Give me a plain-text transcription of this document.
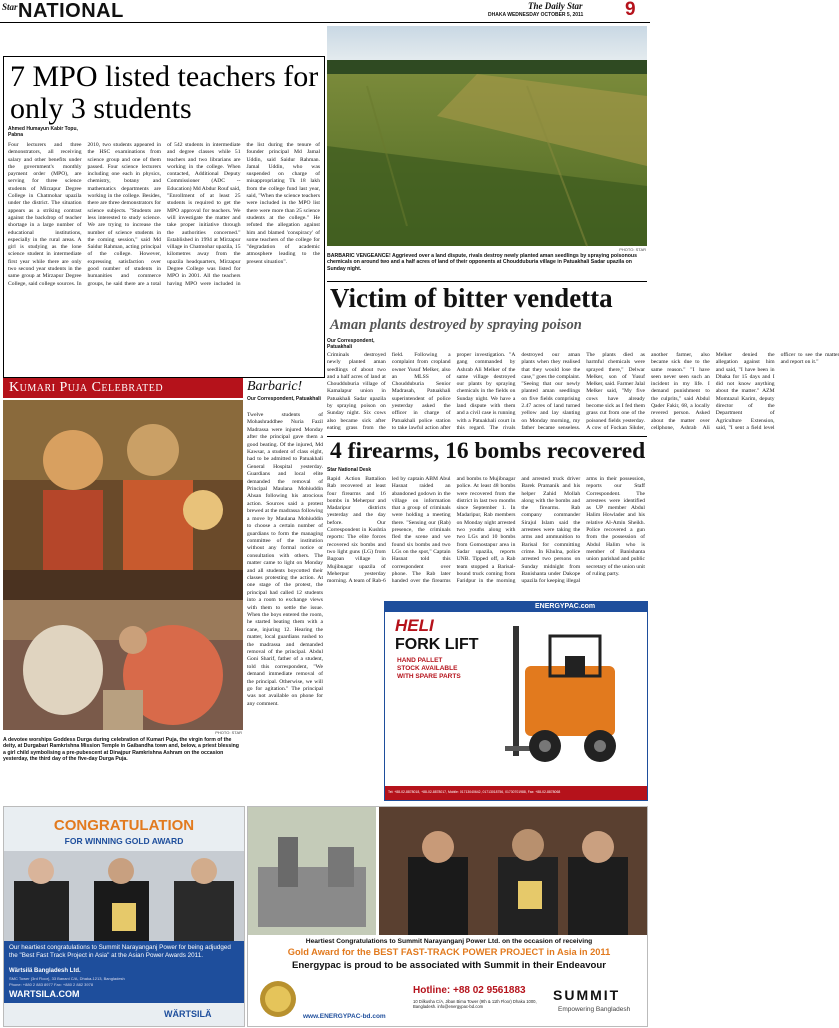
Star NATIONAL	The Daily Star
DHAKA WEDNESDAY OCTOBER 5, 2011 9
7 MPO listed teachers for only 3 students
Ahmed Humayun Kabir Topu, Pabna
Four lecturers and three demonstrators, all receiving salary and other benefits under the government's monthly payment order (MPO), are serving for three science students of Mirzapur Degree College in Chatmohar upazila under the district. The situation appears as a striking contrast against the backdrop of teacher shortage in a large number of educational institutions, especially in the rural areas. A girl is studying as the lone science student in intermediate first year while there are only two second year students in the same group at Mirzapur Degree College, said college sources. In 2010, two students appeared in the HSC examinations from science group and one of them passed. Four science lecturers including one each in physics, chemistry, botany and mathematics departments are working in the college. Besides, there are three demonstrators for science subjects. "Students are less interested to study science. We are trying to increase the number of science students in the coming session," said Md Saidur Rahman, acting principal of the college. However, expressing satisfaction over good number of students in humanities and commerce groups, he said there are a total of 542 students in intermediate and degree classes while 51 teachers and two librarians are working in the college. When contacted, Additional Deputy Commissioner (ADC -- Education) Md Abdur Rouf said, "Enrollment of at least 25 students is required to get the MPO approval for teachers. We will investigate the matter and take proper initiative through the authorities concerned." Established in 1994 at Mirzapur village in Chatmohar upazila, 15 kilometres away from the upazila headquarters, Mirzapur Degree College was listed for MPO in 2001. All the teachers having MPO were included in the list during the tenure of founder principal Md Jamal Uddin, said Saidur Rahman. Jamal Uddin, who was suspended on charge of misappropriating Tk 18 lakh from the college fund last year, said, "When the science teachers were included in the MPO list there were more than 25 science students at the college." He refuted the allegation against him and blamed 'conspiracy' of some teachers of the college for "degradation of academic atmosphere leading to the present situation".
PHOTO: STAR
BARBARIC VENGEANCE! Aggrieved over a land dispute, rivals destroy newly planted aman seedlings by spraying poisonous chemicals on around two and a half acres of land of their opponents at Choudduburia village in Patuakhali Sadar upazila on Sunday night.
Victim of bitter vendetta
Aman plants destroyed by spraying poison
Our Correspondent, Patuakhali
Criminals destroyed newly planted aman seedlings of about two and a half acres of land at Choudduburia village of Kamalapur union in Patuakhali Sadar upazila by spraying poison on Sunday night. Six cows also became sick after eating grass from the field. Following a complaint from cropland owner Yusuf Melker, also an MLSS of Choudduburia Senior Madrasah, Patuakhali superintendent of police yesterday asked the officer in charge of Patuakhali police station to take lawful action after proper investigation. "A gang commanded by Ashrab Ali Melker of the same village destroyed our plants by spraying chemicals in the fields on Sunday night. We have a land dispute with them and a civil case is running with a Patuakhali court in this regard. The rivals destroyed our aman plants when they realised that they would lose the case," goes the complaint. "Seeing that our newly planted aman seedlings on five fields comprising 2.47 acres of land turned yellow and lay slanting on Monday morning, my father became senseless. The plants died as harmful chemicals were sprayed there," Delwar Melker, son of Yusuf Melker, said. Farmer Jalal Melker said, "My five cows have already become sick as I fed them grass cut from one of the poisoned fields yesterday. A cow of Fockan Sikder, another farmer, also became sick due to the same reason." "I have seen never seen such an incident in my life. I demand punishment to the culprits," said Abdul Qader Fakir, 68, a locally revered person. Asked about the matter over cellphone, Ashrab Ali Melker denied the allegation against him and said, "I have been in Dhaka for 15 days and I did not know anything about the matter." AZM Momtazul Karim, deputy director of the Department of Agriculture Extension, said, "I sent a field level officer to see the matter and report on it."
Kumari Puja Celebrated
PHOTO: STAR
A devotee worships Goddess Durga during celebration of Kumari Puja, the virgin form of the deity, at Durgabari Ramkrishna Mission Temple in Gaibandha town and, below, a priest blessing a girl child symbolising a pre-pubescent at Dinajpur Ramkrishna Ashram on the occasion yesterday, the third day of the five-day Durga Puja.
Barbaric!
Our Correspondent, Patuakhali
Twelve students of Mohashraddhee Nuria Fazil Madrassa were injured Monday after the principal gave them a good beating. Of the injured, Md Kawsar, a student of class eight, had to be admitted to Patuakhali General Hospital yesterday. Guardians and local elite demanded the removal of Principal Maulana Mohiuddin Ahsan following his atrocious action. Sources said a protest brewed at the madrassa following a move by Maulana Mohiuddin to choose a certain number of guardians to form the managing committee of the institution without any formal notice or consultation with others. The matter came to light on Monday and all students boycotted their classes protesting the action. At one stage of the protest, the principal had called 12 students into a room to exchange views with them to settle the issue. When the boys entered the room, he started beating them with a cane, injuring 12. Hearing the matter, local guardians rushed to the madrassa and demanded removal of the principal. Abdul Goni Sharif, father of a student, told this correspondent, "We demand immediate removal of the principal. Otherwise, we will go for agitation." The principal was not available on phone for any comment.
4 firearms, 16 bombs recovered
Star National Desk
Rapid Action Battalion Rab recovered at least four firearms and 16 bombs in Meherpur and Madaripur districts yesterday and the day before. Our Correspondent in Kushtia reports: The elite forces recovered six bombs and two light guns (LG) from Bagoan village in Mujibnagar upazila of Meherpur yesterday morning. A team of Rab-6 led by captain ABM Abul Hasnat raided an abandoned godown in the village on information that a group of criminals were holding a meeting there. "Sensing our (Rab) presence, the criminals fled the scene and we found six bombs and two LGs on the spot," Captain Hasnat told this correspondent over phone. The Rab later handed over the firearms and bombs to Mujibnagar police. At least 48 bombs were recovered from the district in last two months since September 1. In Madaripur, Rab members on Monday night arrested two youths along with two LGs and 10 bombs from Gomostapur area in Sadar upazila, reports UNB. Tipped off, a Rab team stopped a Barisal-bound truck coming from Faridpur in the morning and arrested truck driver Barek Pramanik and his helper Zahid Mollah along with the bombs and the firearms. Rab company commander Sirajul Islam said the arrestees were taking the arms and ammunition to Barisal for committing crime. In Khulna, police arrested two persons on Sunday midnight from Banishanta under Dakope upazila for keeping illegal arms in their possession, reports our Staff Correspondent. The arrestees were identified as UP member Abdul Halim Howlader and his relative Al-Amin Sheikh. Police recovered a gun from the possession of Abdul Halim who is member of Banishanta union parishad and public secretary of the union unit of ruling party.
ENERGYPAC.com
HELI
FORK LIFT
HAND PALLET
STOCK AVAILABLE
WITH SPARE PARTS
Tel: +88-02-8878018, +88-02-8878017, Mobile: 01713040642, 01713018756, 01730701988, Fax: +88-02-8878068
CONGRATULATION
FOR WINNING GOLD AWARD
Our heartiest congratulations to Summit Narayanganj Power for being adjudged the "Best Fast Track Project in Asia" at the Asian Power Awards 2011.
Wärtsilä Bangladesh Ltd.
SMC Tower (3rd Floor), 33 Banani C/A, Dhaka-1213, Bangladesh
Phone: +880 2 883 8977 Fax: +880 2 882 3978
WARTSILA.COM
WÄRTSILÄ
Heartiest Congratulations to Summit Narayanganj Power Ltd. on the occasion of receiving
Gold Award for the BEST FAST-TRACK POWER PROJECT in Asia in 2011
Energypac is proud to be associated with Summit in their Endeavour
Hotline: +88 02 9561883
10 Dilkusha C/A, Jiban Bima Tower (9th & 11th Floor) Dhaka 1000, Bangladesh. info@energypac-bd.com
www.ENERGYPAC-bd.com
SUMMIT
Empowering Bangladesh
